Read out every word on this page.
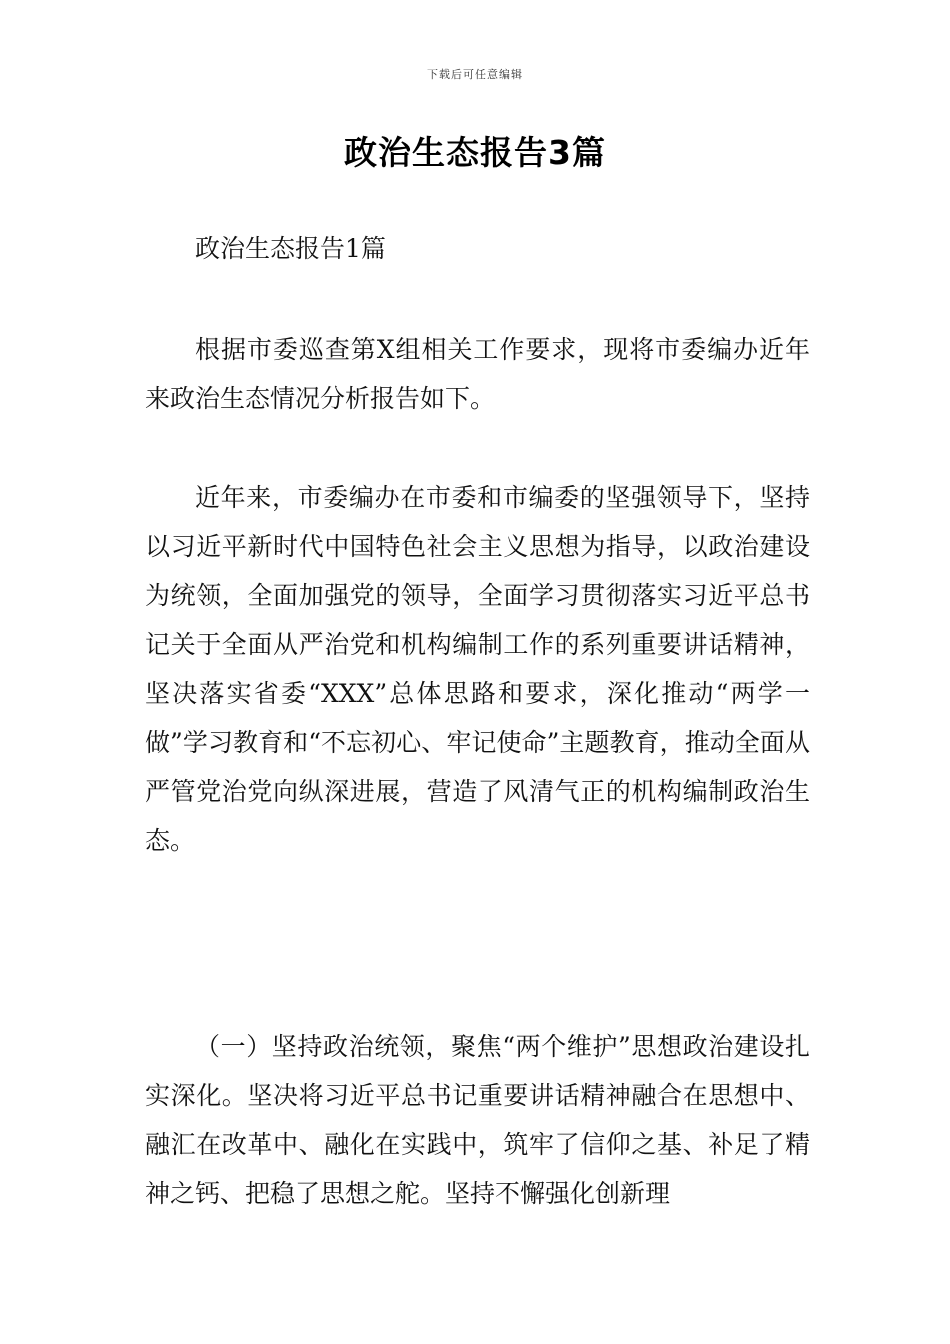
下载后可任意编辑
政治生态报告3篇

政治生态报告1篇

根据市委巡查第X组相关工作要求，现将市委编办近年来政治生态情况分析报告如下。

近年来，市委编办在市委和市编委的坚强领导下，坚持以习近平新时代中国特色社会主义思想为指导，以政治建设为统领，全面加强党的领导，全面学习贯彻落实习近平总书记关于全面从严治党和机构编制工作的系列重要讲话精神，坚决落实省委“XXX”总体思路和要求，深化推动“两学一做”学习教育和“不忘初心、牢记使命”主题教育，推动全面从严管党治党向纵深进展，营造了风清气正的机构编制政治生态。

（一）坚持政治统领，聚焦“两个维护”思想政治建设扎实深化。坚决将习近平总书记重要讲话精神融合在思想中、融汇在改革中、融化在实践中，筑牢了信仰之基、补足了精神之钙、把稳了思想之舵。坚持不懈强化创新理
